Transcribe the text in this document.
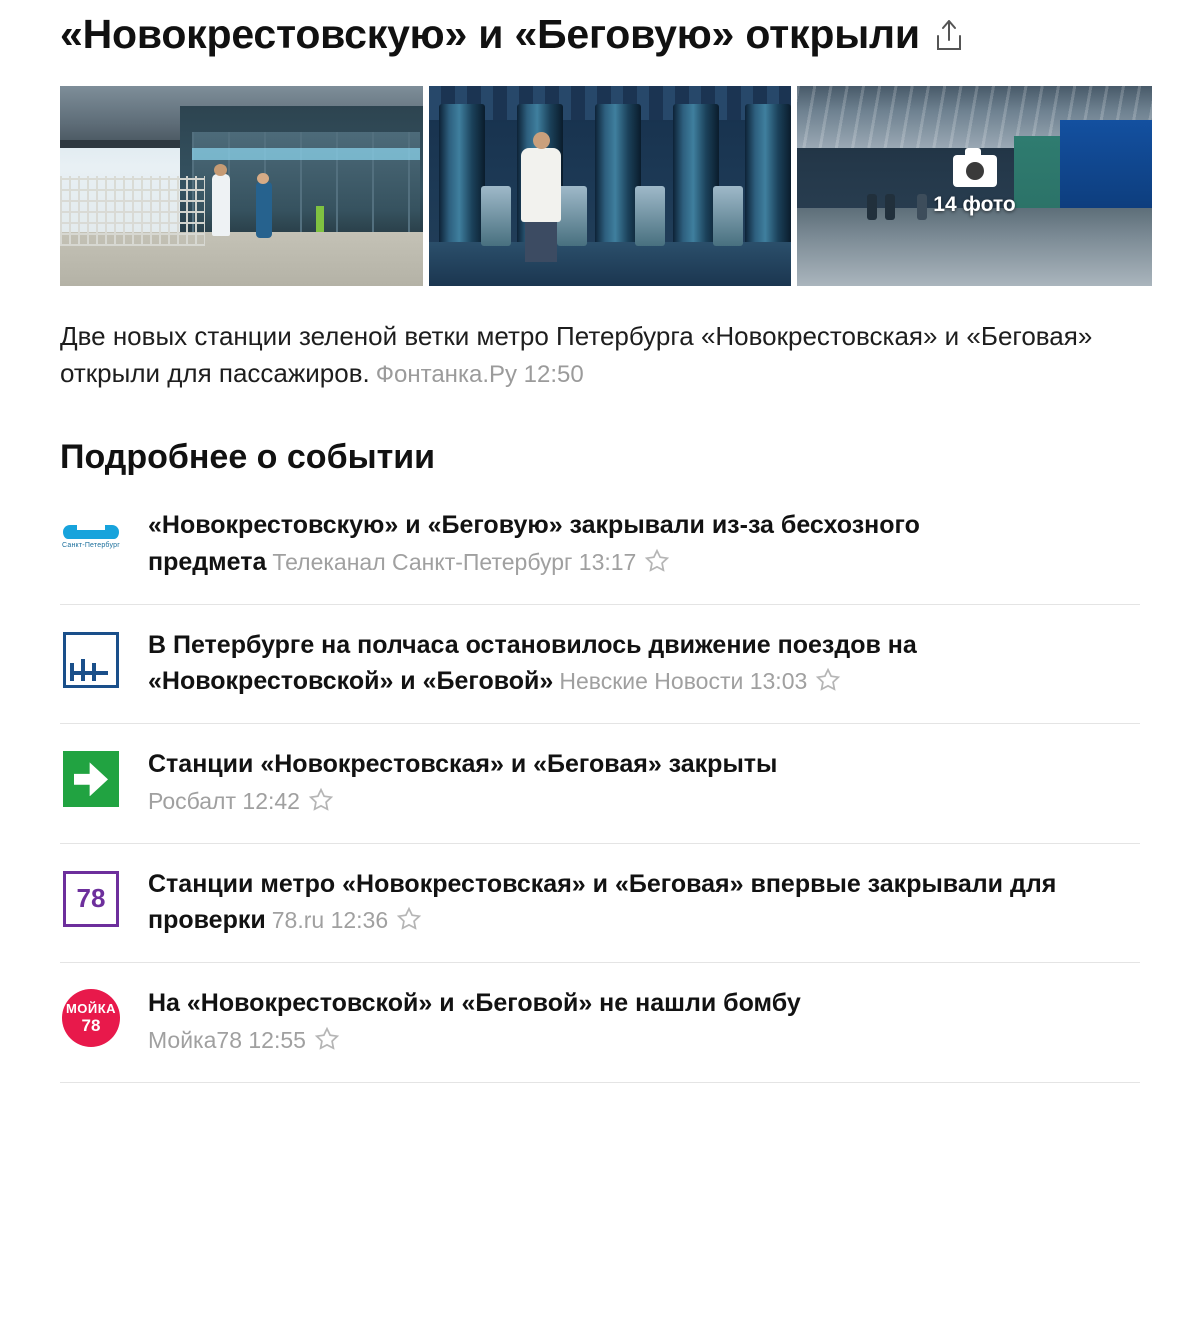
«Новокрестовскую» и «Беговую» открыли
14 фото
Две новых станции зеленой ветки метро Петербурга «Новокрестовская» и «Беговая» открыли для пассажиров. Фонтанка.Ру 12:50
Подробнее о событии
Санкт-Петербург
«Новокрестовскую» и «Беговую» закрывали из-за бесхозного предмета Телеканал Санкт-Петербург 13:17
В Петербурге на полчаса остановилось движение поездов на «Новокрестовской» и «Беговой» Невские Новости 13:03
Станции «Новокрестовская» и «Беговая» закрыты
Росбалт 12:42
78 Станции метро «Новокрестовская» и «Беговая» впервые закрывали для проверки 78.ru 12:36
МОЙКА
78
На «Новокрестовской» и «Беговой» не нашли бомбу
Мойка78 12:55
